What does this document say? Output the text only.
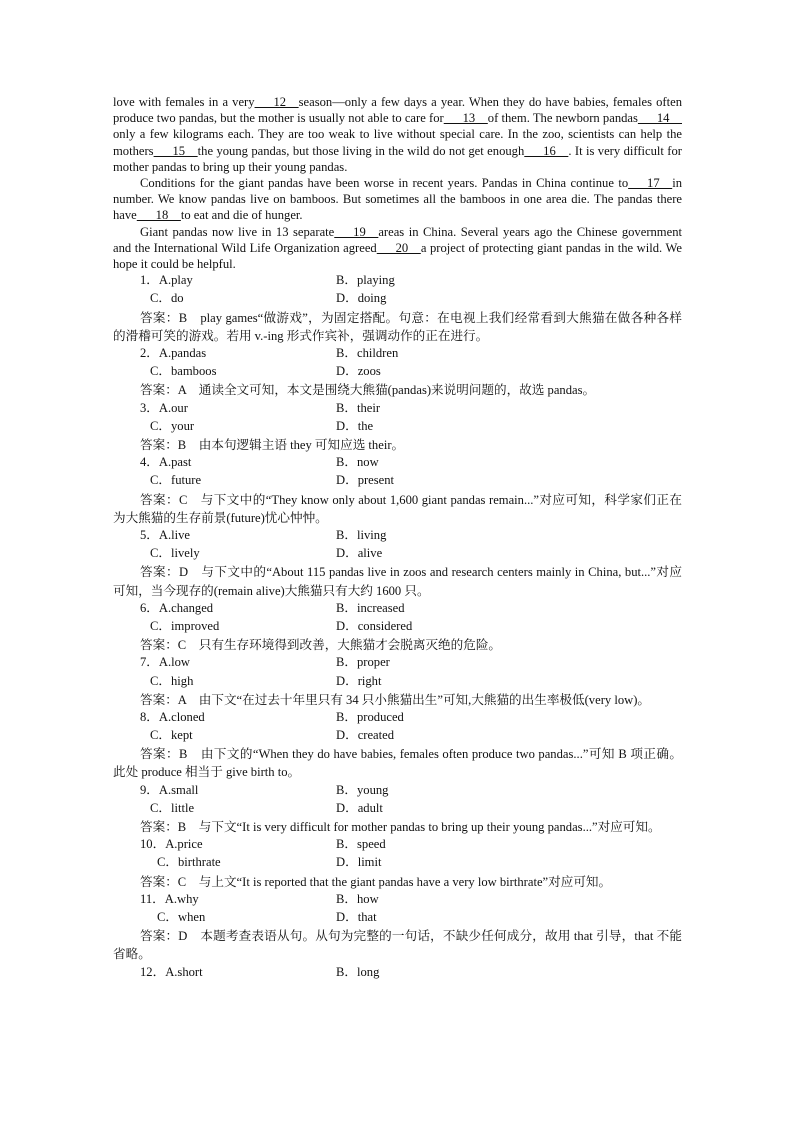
love with females in a very   12  season—only a few days a year. When they do have babies, females often produce two pandas, but the mother is usually not able to care for   13  of them. The newborn pandas   14  only a few kilograms each. They are too weak to live without special care. In the zoo, scientists can help the mothers   15  the young pandas, but those living in the wild do not get enough   16  . It is very difficult for mother pandas to bring up their young pandas.

Conditions for the giant pandas have been worse in recent years. Pandas in China continue to   17  in number. We know pandas live on bamboos. But sometimes all the bamboos in one area die. The pandas there have   18  to eat and die of hunger.

Giant pandas now live in 13 separate   19  areas in China. Several years ago the Chinese government and the International Wild Life Organization agreed   20  a project of protecting giant pandas in the wild. We hope it could be helpful.

1．A.play	B．playing
C．do	D．doing

答案：B　play games“做游戏”，为固定搭配。句意：在电视上我们经常看到大熊猫在做各种各样的滑稽可笑的游戏。若用 v.-ing 形式作宾补，强调动作的正在进行。

2．A.pandas	B．children
C．bamboos	D．zoos

答案：A　通读全文可知，本文是围绕大熊猫(pandas)来说明问题的，故选 pandas。

3．A.our	B．their
C．your	D．the

答案：B　由本句逻辑主语 they 可知应选 their。

4．A.past	B．now
C．future	D．present

答案：C　与下文中的“They know only about 1,600 giant pandas remain...”对应可知，科学家们正在为大熊猫的生存前景(future)忧心忡忡。

5．A.live	B．living
C．lively	D．alive

答案：D　与下文中的“About 115 pandas live in zoos and research centers mainly in China, but...”对应可知，当今现存的(remain alive)大熊猫只有大约 1600 只。

6．A.changed	B．increased
C．improved	D．considered

答案：C　只有生存环境得到改善，大熊猫才会脱离灭绝的危险。

7．A.low	B．proper
C．high	D．right

答案：A　由下文“在过去十年里只有 34 只小熊猫出生”可知,大熊猫的出生率极低(very low)。

8．A.cloned	B．produced
C．kept	D．created

答案：B　由下文的“When they do have babies, females often produce two pandas...”可知 B 项正确。此处 produce 相当于 give birth to。

9．A.small	B．young
C．little	D．adult

答案：B　与下文“It is very difficult for mother pandas to bring up their young pandas...”对应可知。

10．A.price	B．speed
C．birthrate	D．limit

答案：C　与上文“It is reported that the giant pandas have a very low birthrate”对应可知。

11．A.why	B．how
C．when	D．that

答案：D　本题考查表语从句。从句为完整的一句话，不缺少任何成分，故用 that 引导，that 不能省略。

12．A.short	B．long
